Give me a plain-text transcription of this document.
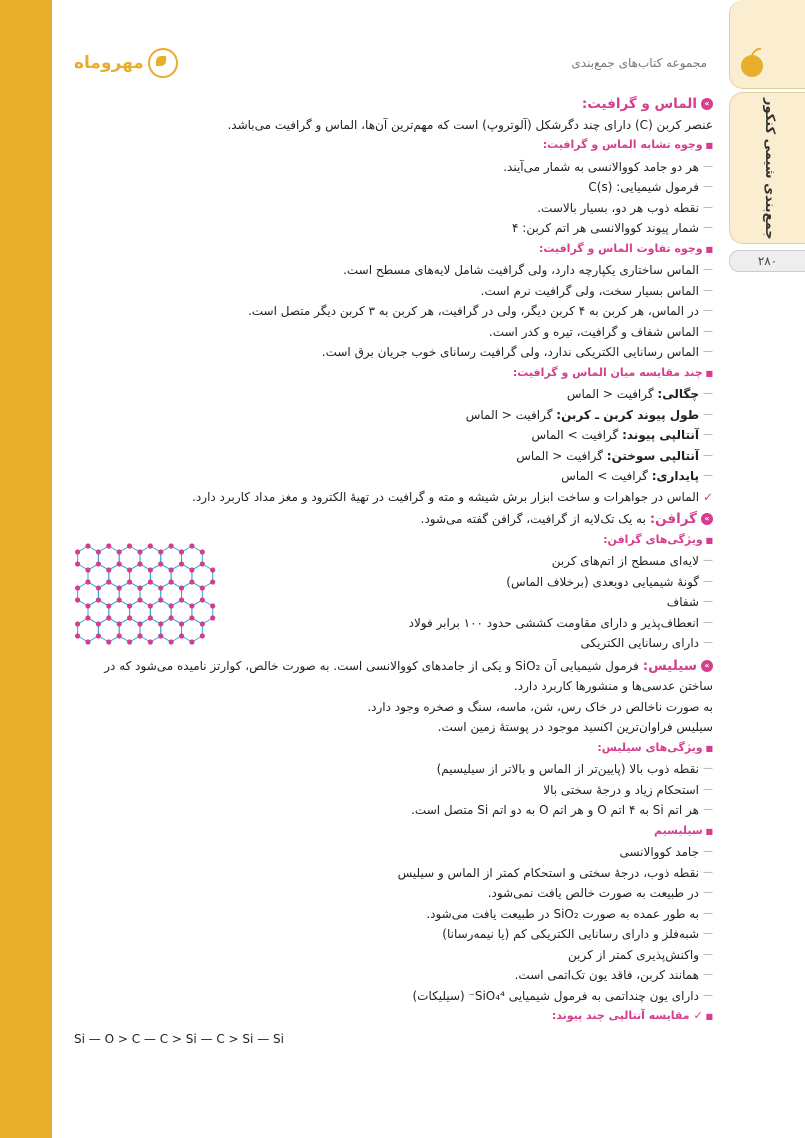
جمع‌بندی شیمی کنکور
۲۸۰
مهروماه	مجموعه کتاب‌های جمع‌بندی
»الماس و گرافیت:
عنصر کربن (C) دارای چند دگرشکل (آلوتروپ) است که مهم‌ترین آن‌ها، الماس و گرافیت می‌باشد.
■ وجوه تشابه الماس و گرافیت:
— هر دو جامد کووالانسی به شمار می‌آیند.
— فرمول شیمیایی: C(s)
— نقطه ذوب هر دو، بسیار بالاست.
— شمار پیوند کووالانسی هر اتم کربن: ۴
■ وجوه تفاوت الماس و گرافیت:
— الماس ساختاری یکپارچه دارد، ولی گرافیت شامل لایه‌های مسطح است.
— الماس بسیار سخت، ولی گرافیت نرم است.
— در الماس، هر کربن به ۴ کربن دیگر، ولی در گرافیت، هر کربن به ۳ کربن دیگر متصل است.
— الماس شفاف و گرافیت، تیره و کدر است.
— الماس رسانایی الکتریکی ندارد، ولی گرافیت رسانای خوب جریان برق است.
■ چند مقایسه میان الماس و گرافیت:
— چگالی: گرافیت < الماس
— طول پیوند کربن ـ کربن: گرافیت < الماس
— آنتالپی پیوند: گرافیت > الماس
— آنتالپی سوختن: گرافیت < الماس
— پایداری: گرافیت > الماس
✓ الماس در جواهرات و ساخت ابزار برش شیشه و مته و گرافیت در تهیهٔ الکترود و مغز مداد کاربرد دارد.
»گرافن: به یک تک‌لایه از گرافیت، گرافن گفته می‌شود.
■ ویژگی‌های گرافن:
— لایه‌ای مسطح از اتم‌های کربن
— گونهٔ شیمیایی دوبعدی (برخلاف الماس)
— شفاف
— انعطاف‌پذیر و دارای مقاومت کششی حدود ۱۰۰ برابر فولاد
— دارای رسانایی الکتریکی
»سیلیس: فرمول شیمیایی آن SiO₂ و یکی از جامدهای کووالانسی است. به صورت خالص، کوارتز نامیده می‌شود که در ساختن عدسی‌ها و منشورها کاربرد دارد.
به صورت ناخالص در خاک رس، شن، ماسه، سنگ و صخره وجود دارد.
سیلیس فراوان‌ترین اکسید موجود در پوستهٔ زمین است.
■ ویژگی‌های سیلیس:
— نقطه ذوب بالا (پایین‌تر از الماس و بالاتر از سیلیسیم)
— استحکام زیاد و درجهٔ سختی بالا
— هر اتم Si به ۴ اتم O و هر اتم O به دو اتم Si متصل است.
■ سیلیسیم
— جامد کووالانسی
— نقطه ذوب، درجهٔ سختی و استحکام کمتر از الماس و سیلیس
— در طبیعت به صورت خالص یافت نمی‌شود.
— به طور عمده به صورت SiO₂ در طبیعت یافت می‌شود.
— شبه‌فلز و دارای رسانایی الکتریکی کم (یا نیمه‌رسانا)
— واکنش‌پذیری کمتر از کربن
— همانند کربن، فاقد یون تک‌اتمی است.
— دارای یون چنداتمی به فرمول شیمیایی SiO₄⁴⁻ (سیلیکات)
■ ✓ مقایسه آنتالپی چند پیوند:
Si — O > C — C > Si — C > Si — Si
